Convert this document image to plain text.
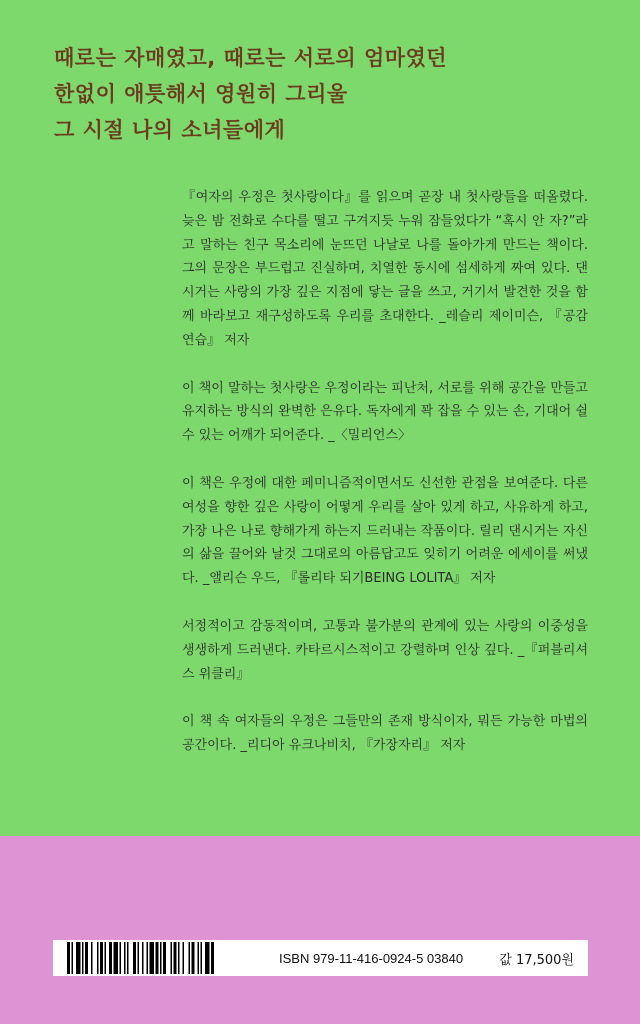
때로는 자매였고, 때로는 서로의 엄마였던
한없이 애틋해서 영원히 그리울
그 시절 나의 소녀들에게

『여자의 우정은 첫사랑이다』를 읽으며 곧장 내 첫사랑들을 떠올렸다. 늦은 밤 전화로 수다를 떨고 구겨지듯 누워 잠들었다가 “혹시 안 자?”라고 말하는 친구 목소리에 눈뜨던 나날로 나를 돌아가게 만드는 책이다. 그의 문장은 부드럽고 진실하며, 치열한 동시에 섬세하게 짜여 있다. 댄시거는 사랑의 가장 깊은 지점에 닿는 글을 쓰고, 거기서 발견한 것을 함께 바라보고 재구성하도록 우리를 초대한다. _레슬리 제이미슨, 『공감 연습』 저자

이 책이 말하는 첫사랑은 우정이라는 피난처, 서로를 위해 공간을 만들고 유지하는 방식의 완벽한 은유다. 독자에게 꽉 잡을 수 있는 손, 기대어 쉴 수 있는 어깨가 되어준다. _〈밀리언스〉

이 책은 우정에 대한 페미니즘적이면서도 신선한 관점을 보여준다. 다른 여성을 향한 깊은 사랑이 어떻게 우리를 살아 있게 하고, 사유하게 하고, 가장 나은 나로 향해가게 하는지 드러내는 작품이다. 릴리 댄시거는 자신의 삶을 끌어와 날것 그대로의 아름답고도 잊히기 어려운 에세이를 써냈다. _앨리슨 우드, 『롤리타 되기BEING LOLITA』 저자

서정적이고 감동적이며, 고통과 불가분의 관계에 있는 사랑의 이중성을 생생하게 드러낸다. 카타르시스적이고 강렬하며 인상 깊다. _『퍼블리셔스 위클리』

이 책 속 여자들의 우정은 그들만의 존재 방식이자, 뭐든 가능한 마법의 공간이다. _리디아 유크나비치, 『가장자리』 저자

ISBN 979-11-416-0924-5 03840	값 17,500원
